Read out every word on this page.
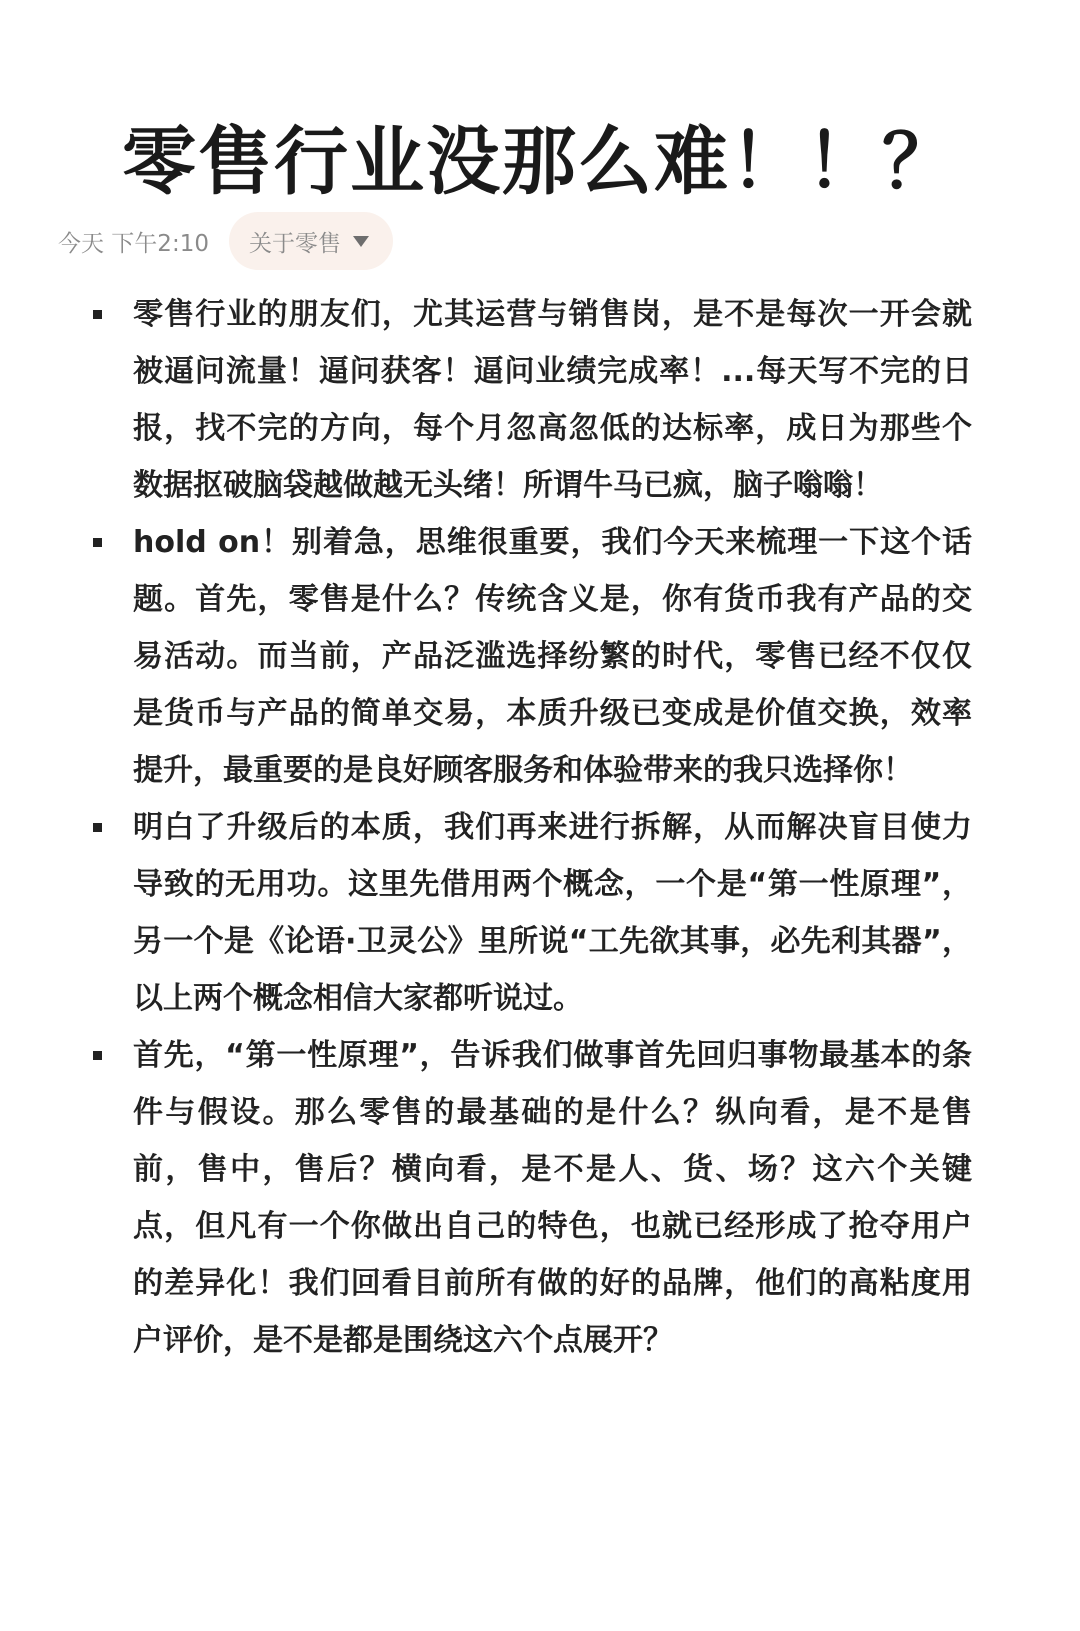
零售行业没那么难！！？
今天 下午2:10 关于零售
零售行业的朋友们，尤其运营与销售岗，是不是每次一开会就被逼问流量！逼问获客！逼问业绩完成率！...每天写不完的日报，找不完的方向，每个月忽高忽低的达标率，成日为那些个数据抠破脑袋越做越无头绪！所谓牛马已疯，脑子嗡嗡！
hold on！别着急，思维很重要，我们今天来梳理一下这个话题。首先，零售是什么？传统含义是，你有货币我有产品的交易活动。而当前，产品泛滥选择纷繁的时代，零售已经不仅仅是货币与产品的简单交易，本质升级已变成是价值交换，效率提升，最重要的是良好顾客服务和体验带来的我只选择你！
明白了升级后的本质，我们再来进行拆解，从而解决盲目使力导致的无用功。这里先借用两个概念，一个是“第一性原理”，另一个是《论语·卫灵公》里所说“工先欲其事，必先利其器”，以上两个概念相信大家都听说过。
首先，“第一性原理”，告诉我们做事首先回归事物最基本的条件与假设。那么零售的最基础的是什么？纵向看，是不是售前，售中，售后？横向看，是不是人、货、场？这六个关键点，但凡有一个你做出自己的特色，也就已经形成了抢夺用户的差异化！我们回看目前所有做的好的品牌，他们的高粘度用户评价，是不是都是围绕这六个点展开？
